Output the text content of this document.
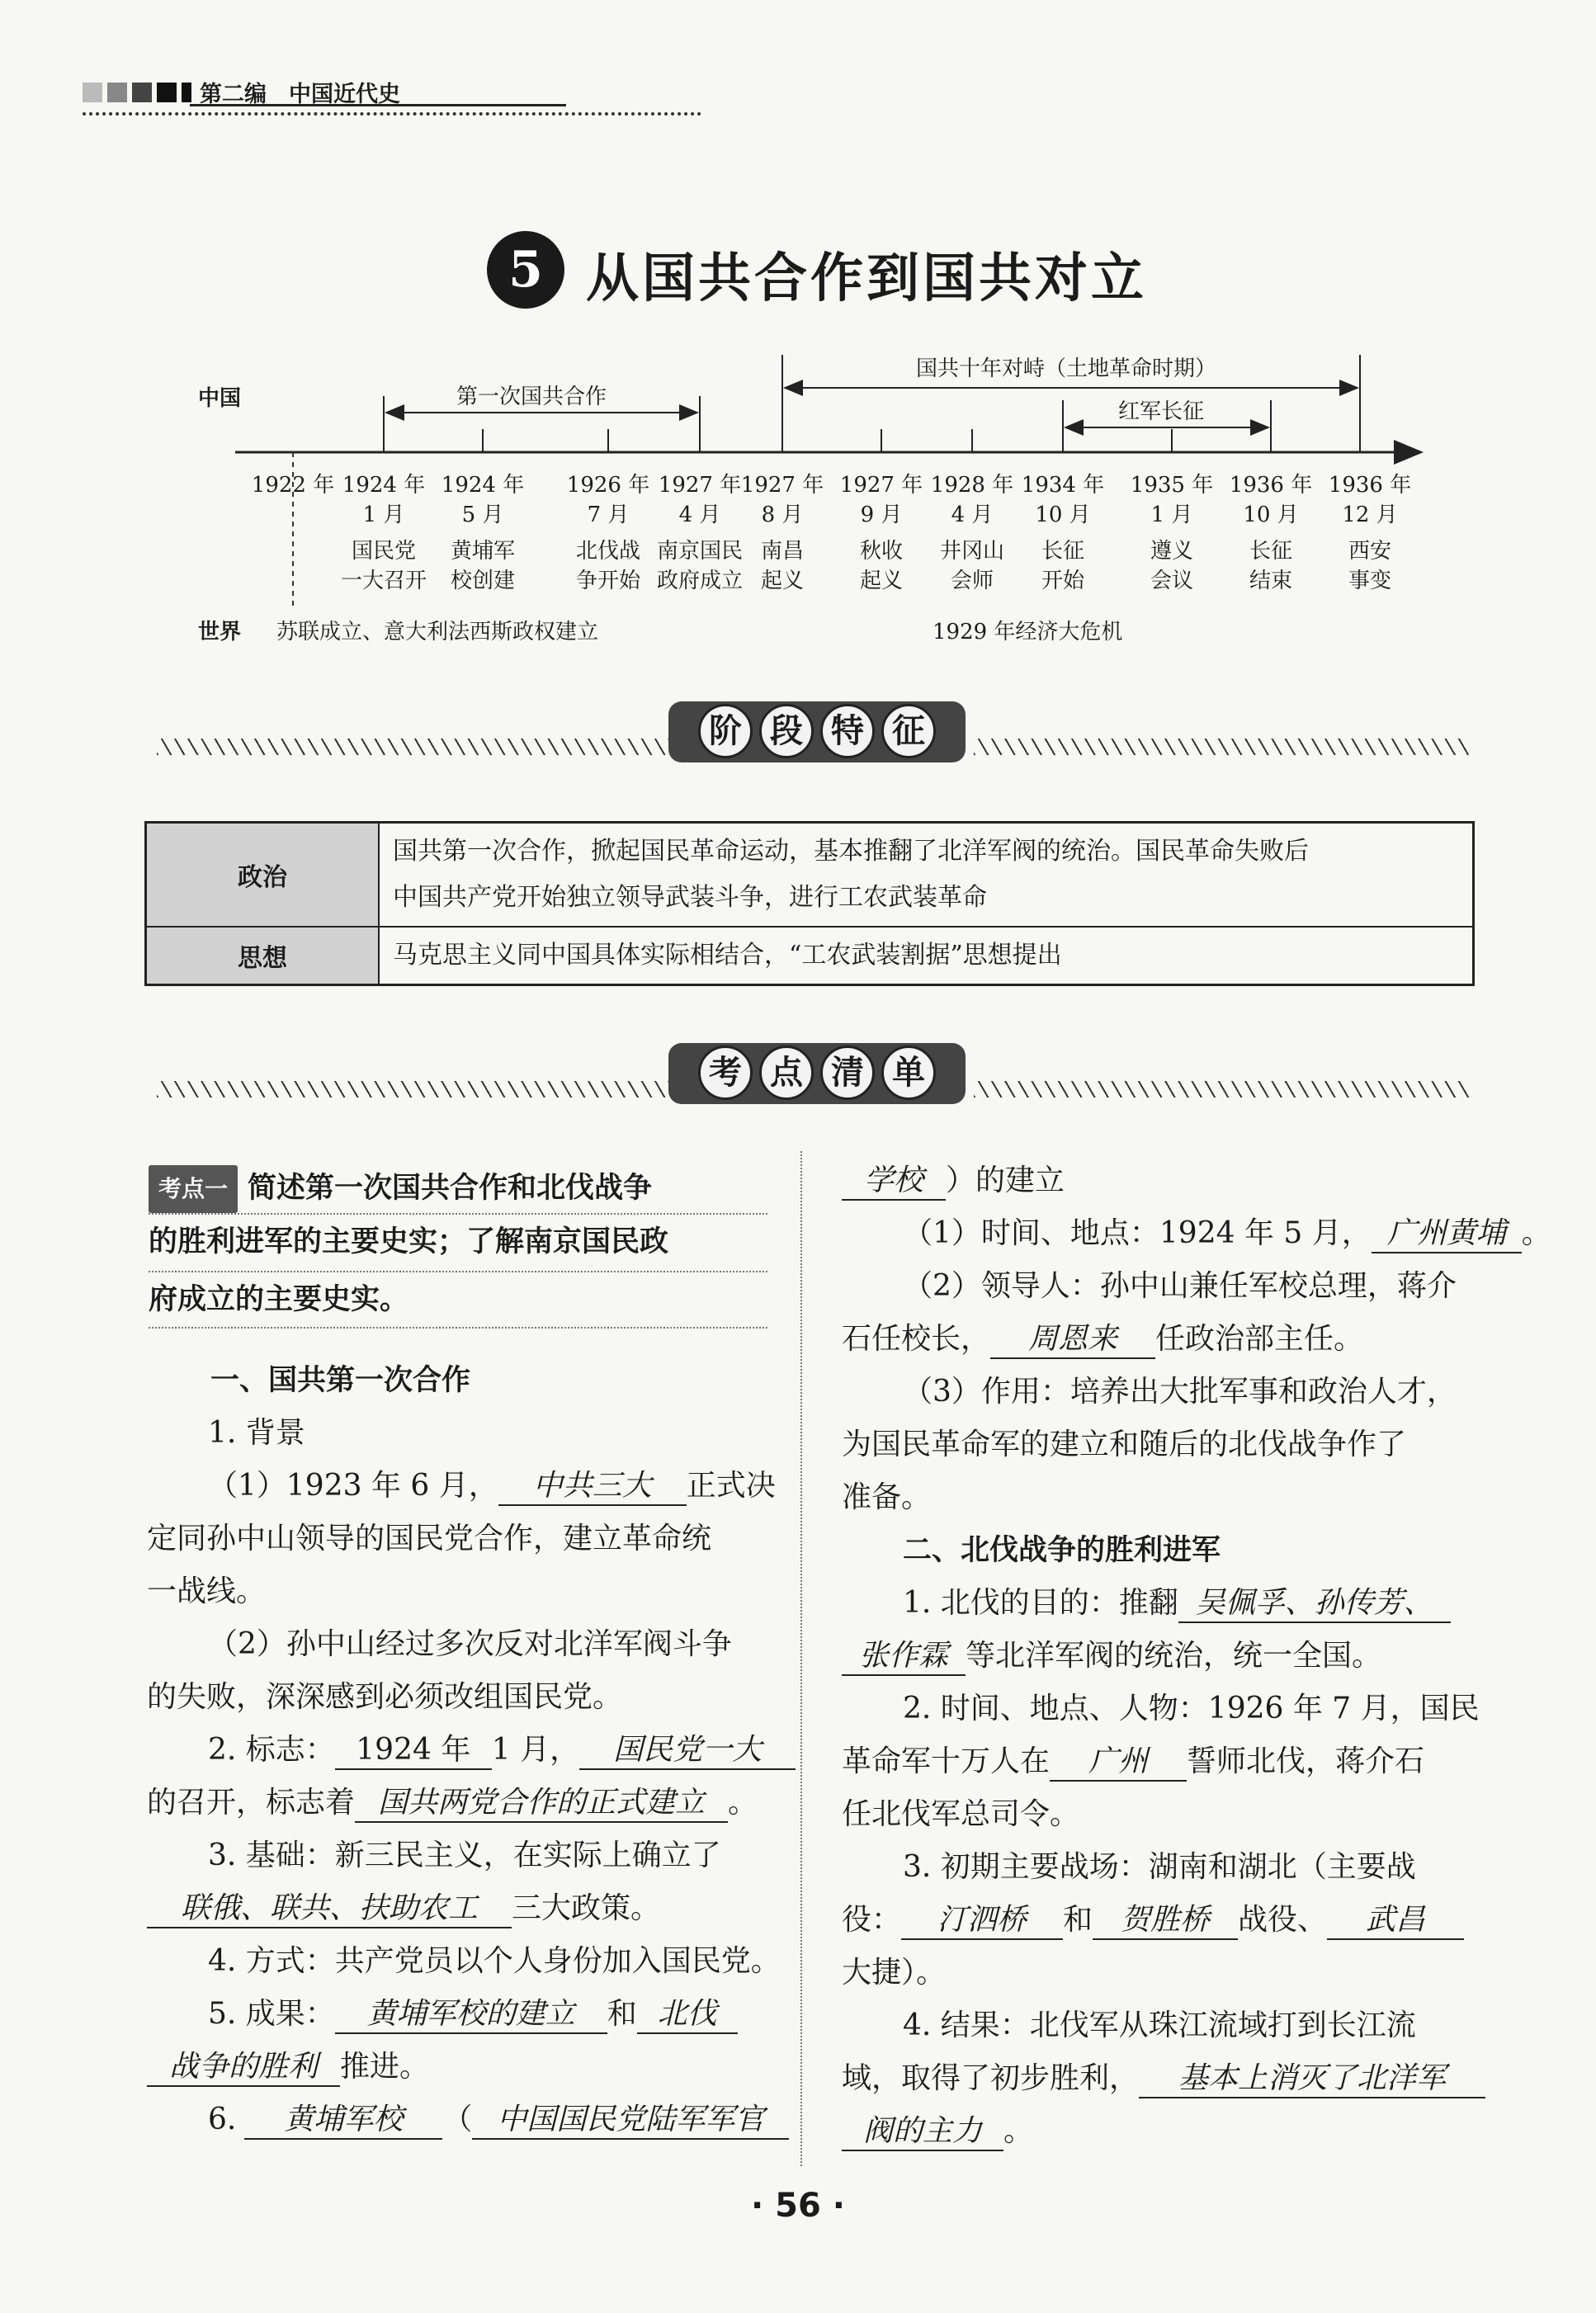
第二编　中国近代史
5 从国共合作到国共对立
中国
世界
第一次国共合作
国共十年对峙（土地革命时期）
红军长征
1922 年 1924 年
1 月
1924 年
5 月
1926 年
7 月
1927 年
4 月
1927 年
8 月
1927 年
9 月
1928 年
4 月
1934 年
10 月
1935 年
1 月
1936 年
10 月
1936 年
12 月
国民党
一大召开
黄埔军
校创建
北伐战
争开始
南京国民
政府成立
南昌
起义
秋收
起义
井冈山
会师
长征
开始
遵义
会议
长征
结束
西安
事变
苏联成立、意大利法西斯政权建立	1929 年经济大危机
阶 段 特 征
政治
国共第一次合作，掀起国民革命运动，基本推翻了北洋军阀的统治。国民革命失败后
中国共产党开始独立领导武装斗争，进行工农武装革命
思想	马克思主义同中国具体实际相结合，“工农武装割据”思想提出
考 点 清 单
考点一 简述第一次国共合作和北伐战争
的胜利进军的主要史实；了解南京国民政
府成立的主要史实。
一、国共第一次合作
1. 背景
（1）1923 年 6 月， 中共三大 正式决
定同孙中山领导的国民党合作，建立革命统
一战线。
（2）孙中山经过多次反对北洋军阀斗争
的失败，深深感到必须改组国民党。
2. 标志： 1924 年 1 月， 国民党一大
的召开，标志着 国共两党合作的正式建立 。
3. 基础：新三民主义，在实际上确立了
联俄、联共、扶助农工 三大政策。
4. 方式：共产党员以个人身份加入国民党。
5. 成果： 黄埔军校的建立 和 北伐
战争的胜利 推进。
6. 黄埔军校 （ 中国国民党陆军军官
学校 ）的建立
（1）时间、地点：1924 年 5 月， 广州黄埔 。
（2）领导人：孙中山兼任军校总理，蒋介
石任校长， 周恩来 任政治部主任。
（3）作用：培养出大批军事和政治人才，
为国民革命军的建立和随后的北伐战争作了
准备。
二、北伐战争的胜利进军
1. 北伐的目的：推翻 吴佩孚、孙传芳、
张作霖 等北洋军阀的统治，统一全国。
2. 时间、地点、人物：1926 年 7 月，国民
革命军十万人在 广州 誓师北伐，蒋介石
任北伐军总司令。
3. 初期主要战场：湖南和湖北（主要战
役： 汀泗桥 和 贺胜桥 战役、 武昌
大捷）。
4. 结果：北伐军从珠江流域打到长江流
域，取得了初步胜利， 基本上消灭了北洋军
阀的主力 。
· 56 ·
